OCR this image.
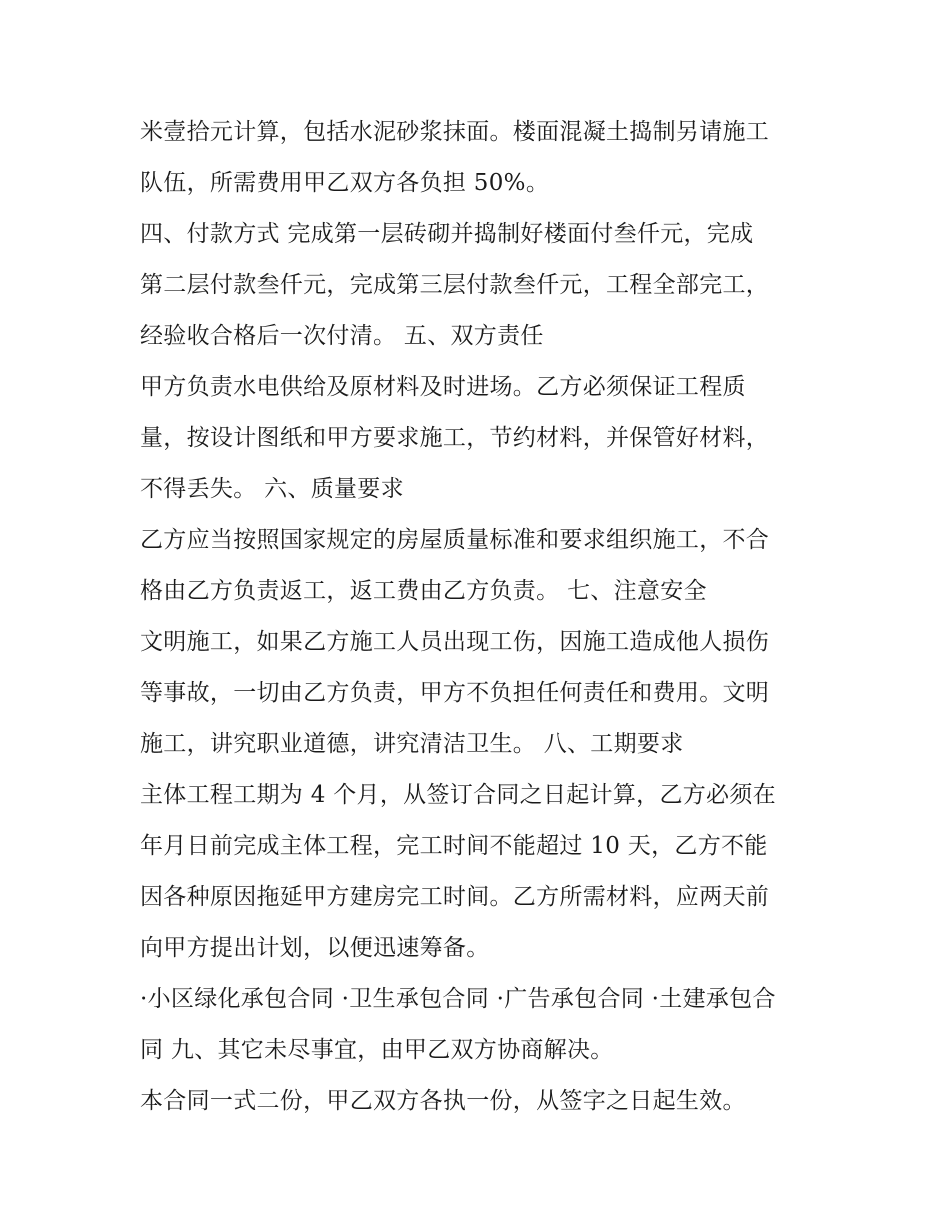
米壹拾元计算，包括水泥砂浆抹面。楼面混凝土捣制另请施工
队伍，所需费用甲乙双方各负担 50%。
四、付款方式 完成第一层砖砌并捣制好楼面付叁仟元，完成
第二层付款叁仟元，完成第三层付款叁仟元，工程全部完工，
经验收合格后一次付清。 五、双方责任
甲方负责水电供给及原材料及时进场。乙方必须保证工程质
量，按设计图纸和甲方要求施工，节约材料，并保管好材料，
不得丢失。 六、质量要求
乙方应当按照国家规定的房屋质量标准和要求组织施工，不合
格由乙方负责返工，返工费由乙方负责。 七、注意安全
文明施工，如果乙方施工人员出现工伤，因施工造成他人损伤
等事故，一切由乙方负责，甲方不负担任何责任和费用。文明
施工，讲究职业道德，讲究清洁卫生。 八、工期要求
主体工程工期为 4 个月，从签订合同之日起计算，乙方必须在
年月日前完成主体工程，完工时间不能超过 10 天，乙方不能
因各种原因拖延甲方建房完工时间。乙方所需材料，应两天前
向甲方提出计划，以便迅速筹备。
·小区绿化承包合同 ·卫生承包合同 ·广告承包合同 ·土建承包合
同 九、其它未尽事宜，由甲乙双方协商解决。
本合同一式二份，甲乙双方各执一份，从签字之日起生效。
